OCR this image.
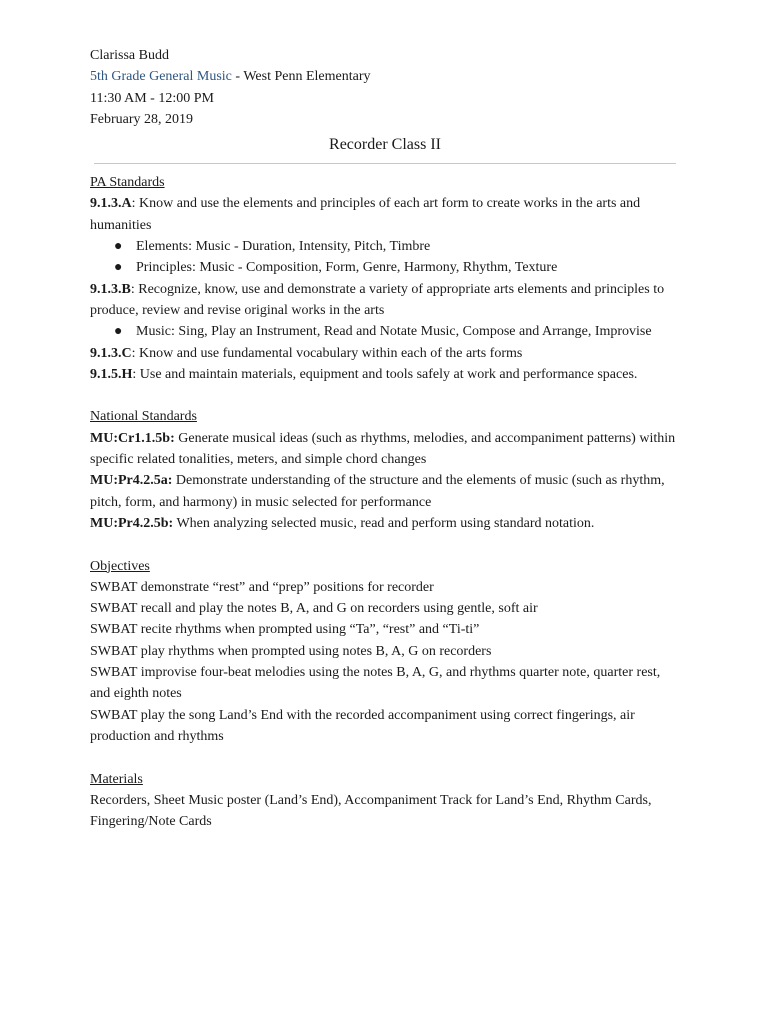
Clarissa Budd
5th Grade General Music - West Penn Elementary
11:30 AM - 12:00 PM
February 28, 2019
Recorder Class II
PA Standards
9.1.3.A: Know and use the elements and principles of each art form to create works in the arts and humanities
● Elements: Music - Duration, Intensity, Pitch, Timbre
● Principles: Music - Composition, Form, Genre, Harmony, Rhythm, Texture
9.1.3.B: Recognize, know, use and demonstrate a variety of appropriate arts elements and principles to produce, review and revise original works in the arts
● Music: Sing, Play an Instrument, Read and Notate Music, Compose and Arrange, Improvise
9.1.3.C: Know and use fundamental vocabulary within each of the arts forms
9.1.5.H: Use and maintain materials, equipment and tools safely at work and performance spaces.
National Standards
MU:Cr1.1.5b: Generate musical ideas (such as rhythms, melodies, and accompaniment patterns) within specific related tonalities, meters, and simple chord changes
MU:Pr4.2.5a: Demonstrate understanding of the structure and the elements of music (such as rhythm, pitch, form, and harmony) in music selected for performance
MU:Pr4.2.5b: When analyzing selected music, read and perform using standard notation.
Objectives
SWBAT demonstrate “rest” and “prep” positions for recorder
SWBAT recall and play the notes B, A, and G on recorders using gentle, soft air
SWBAT recite rhythms when prompted using “Ta”, “rest” and “Ti-ti”
SWBAT play rhythms when prompted using notes B, A, G on recorders
SWBAT improvise four-beat melodies using the notes B, A, G, and rhythms quarter note, quarter rest, and eighth notes
SWBAT play the song Land’s End with the recorded accompaniment using correct fingerings, air production and rhythms
Materials
Recorders, Sheet Music poster (Land’s End), Accompaniment Track for Land’s End, Rhythm Cards, Fingering/Note Cards
